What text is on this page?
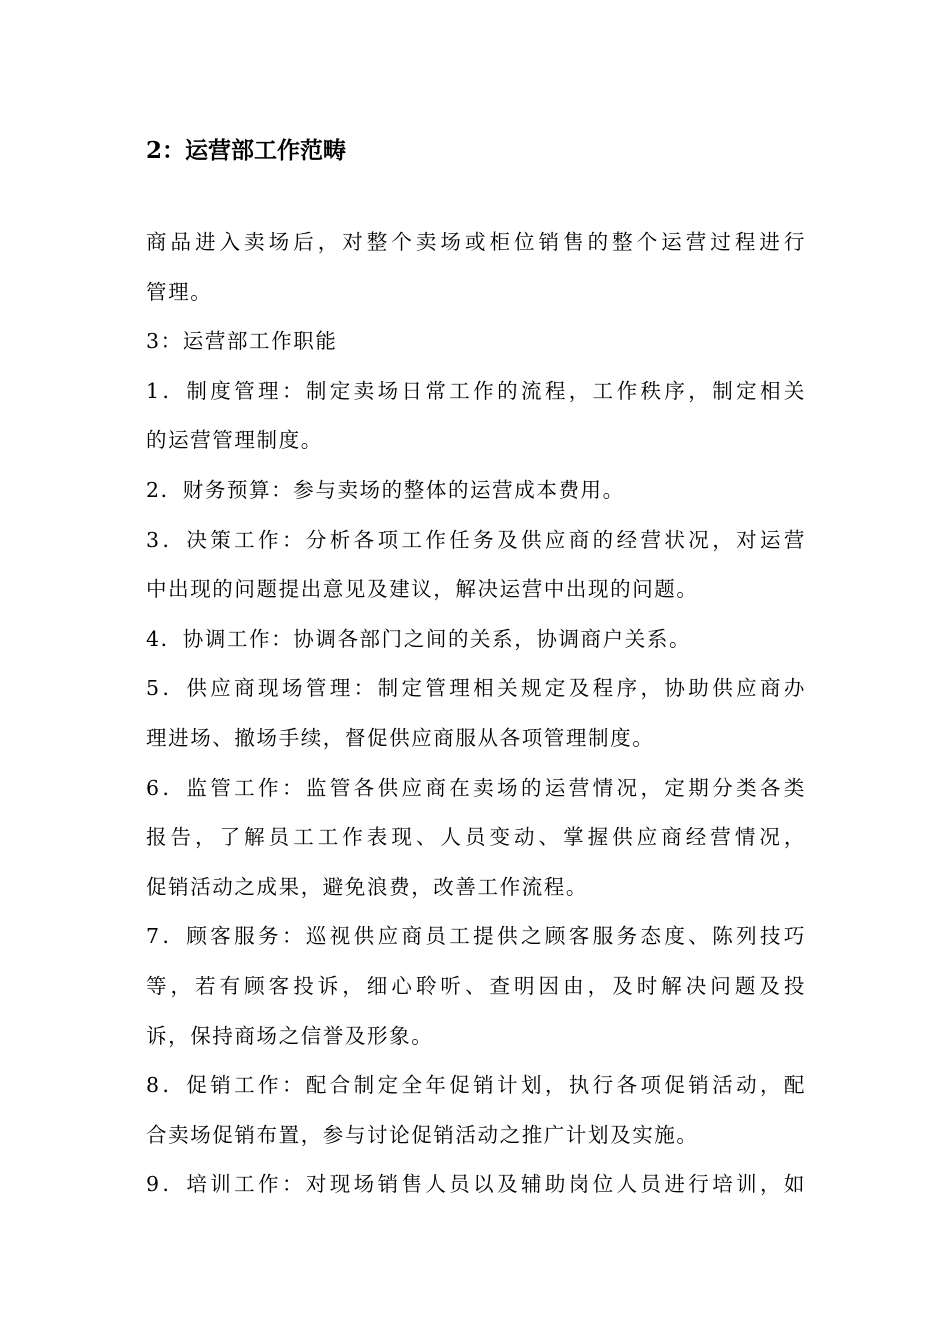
2：运营部工作范畴
商品进入卖场后，对整个卖场或柜位销售的整个运营过程进行
管理。
3：运营部工作职能
1．制度管理：制定卖场日常工作的流程，工作秩序，制定相关
的运营管理制度。
2．财务预算：参与卖场的整体的运营成本费用。
3．决策工作：分析各项工作任务及供应商的经营状况，对运营
中出现的问题提出意见及建议，解决运营中出现的问题。
4．协调工作：协调各部门之间的关系，协调商户关系。
5．供应商现场管理：制定管理相关规定及程序，协助供应商办
理进场、撤场手续，督促供应商服从各项管理制度。
6．监管工作：监管各供应商在卖场的运营情况，定期分类各类
报告，了解员工工作表现、人员变动、掌握供应商经营情况，
促销活动之成果，避免浪费，改善工作流程。
7．顾客服务：巡视供应商员工提供之顾客服务态度、陈列技巧
等，若有顾客投诉，细心聆听、查明因由，及时解决问题及投
诉，保持商场之信誉及形象。
8．促销工作：配合制定全年促销计划，执行各项促销活动，配
合卖场促销布置，参与讨论促销活动之推广计划及实施。
9．培训工作：对现场销售人员以及辅助岗位人员进行培训，如
